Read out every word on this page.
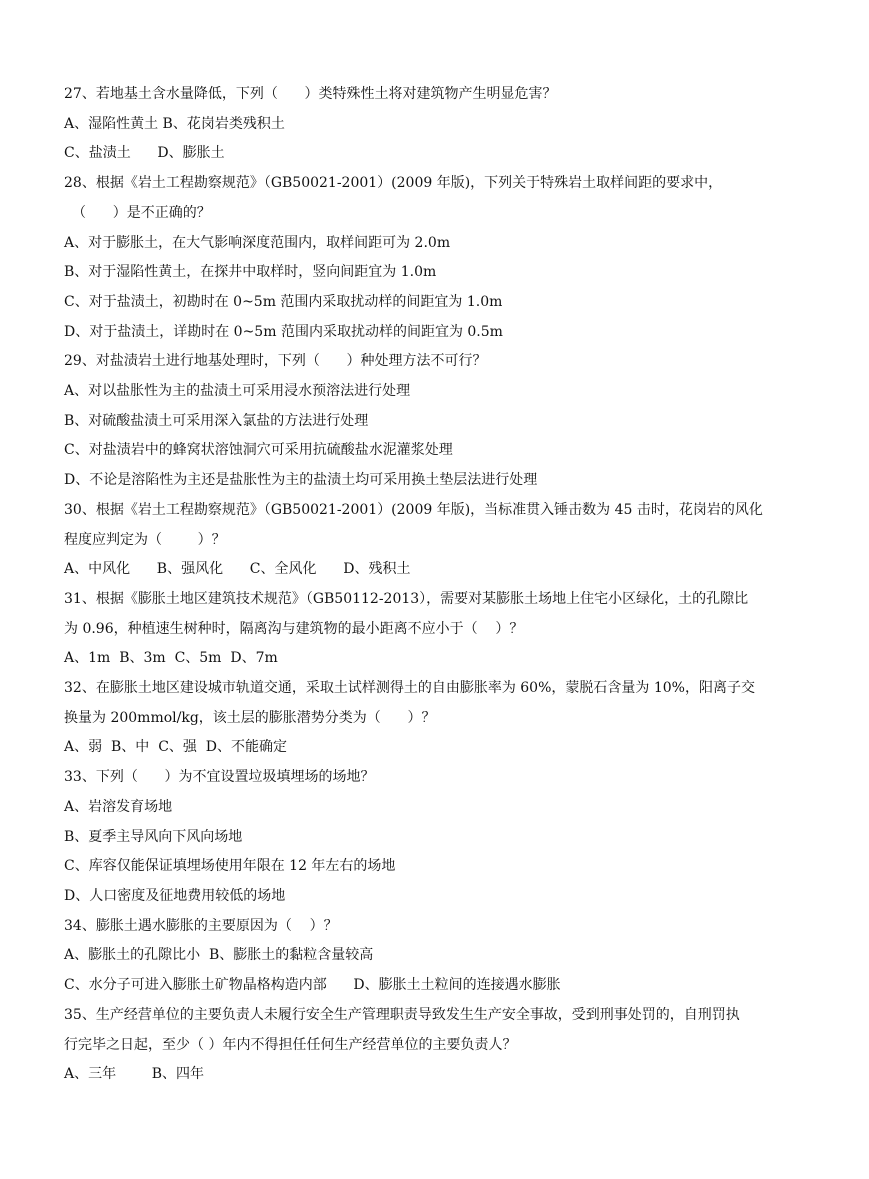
27、若地基土含水量降低，下列（      ）类特殊性土将对建筑物产生明显危害？

A、湿陷性黄土 B、花岗岩类残积土

C、盐渍土      D、膨胀土

28、根据《岩土工程勘察规范》（GB50021-2001）(2009 年版)，下列关于特殊岩土取样间距的要求中，

（      ）是不正确的？

A、对于膨胀土，在大气影响深度范围内，取样间距可为 2.0m

B、对于湿陷性黄土，在探井中取样时，竖向间距宜为 1.0m

C、对于盐渍土，初勘时在 0~5m 范围内采取扰动样的间距宜为 1.0m

D、对于盐渍土，详勘时在 0~5m 范围内采取扰动样的间距宜为 0.5m

29、对盐渍岩土进行地基处理时，下列（      ）种处理方法不可行？

A、对以盐胀性为主的盐渍土可采用浸水预溶法进行处理

B、对硫酸盐渍土可采用深入氯盐的方法进行处理

C、对盐渍岩中的蜂窝状溶蚀洞穴可采用抗硫酸盐水泥灌浆处理

D、不论是溶陷性为主还是盐胀性为主的盐渍土均可采用换土垫层法进行处理

30、根据《岩土工程勘察规范》（GB50021-2001）(2009 年版)，当标准贯入锤击数为 45 击时，花岗岩的风化

程度应判定为（        ）？

A、中风化      B、强风化      C、全风化      D、残积土

31、根据《膨胀土地区建筑技术规范》（GB50112-2013），需要对某膨胀土场地上住宅小区绿化，土的孔隙比

为 0.96，种植速生树种时，隔离沟与建筑物的最小距离不应小于（    ）？

A、1m  B、3m  C、5m  D、7m

32、在膨胀土地区建设城市轨道交通，采取土试样测得土的自由膨胀率为 60%，蒙脱石含量为 10%，阳离子交

换量为 200mmol/kg，该土层的膨胀潜势分类为（      ）？

A、弱  B、中  C、强  D、不能确定

33、下列（      ）为不宜设置垃圾填埋场的场地？

A、岩溶发育场地

B、夏季主导风向下风向场地

C、库容仅能保证填埋场使用年限在 12 年左右的场地

D、人口密度及征地费用较低的场地

34、膨胀土遇水膨胀的主要原因为（    ）？

A、膨胀土的孔隙比小  B、膨胀土的黏粒含量较高

C、水分子可进入膨胀土矿物晶格构造内部      D、膨胀土土粒间的连接遇水膨胀

35、生产经营单位的主要负责人未履行安全生产管理职责导致发生生产安全事故，受到刑事处罚的，自刑罚执

行完毕之日起，至少（ ）年内不得担任任何生产经营单位的主要负责人？

A、三年        B、四年
